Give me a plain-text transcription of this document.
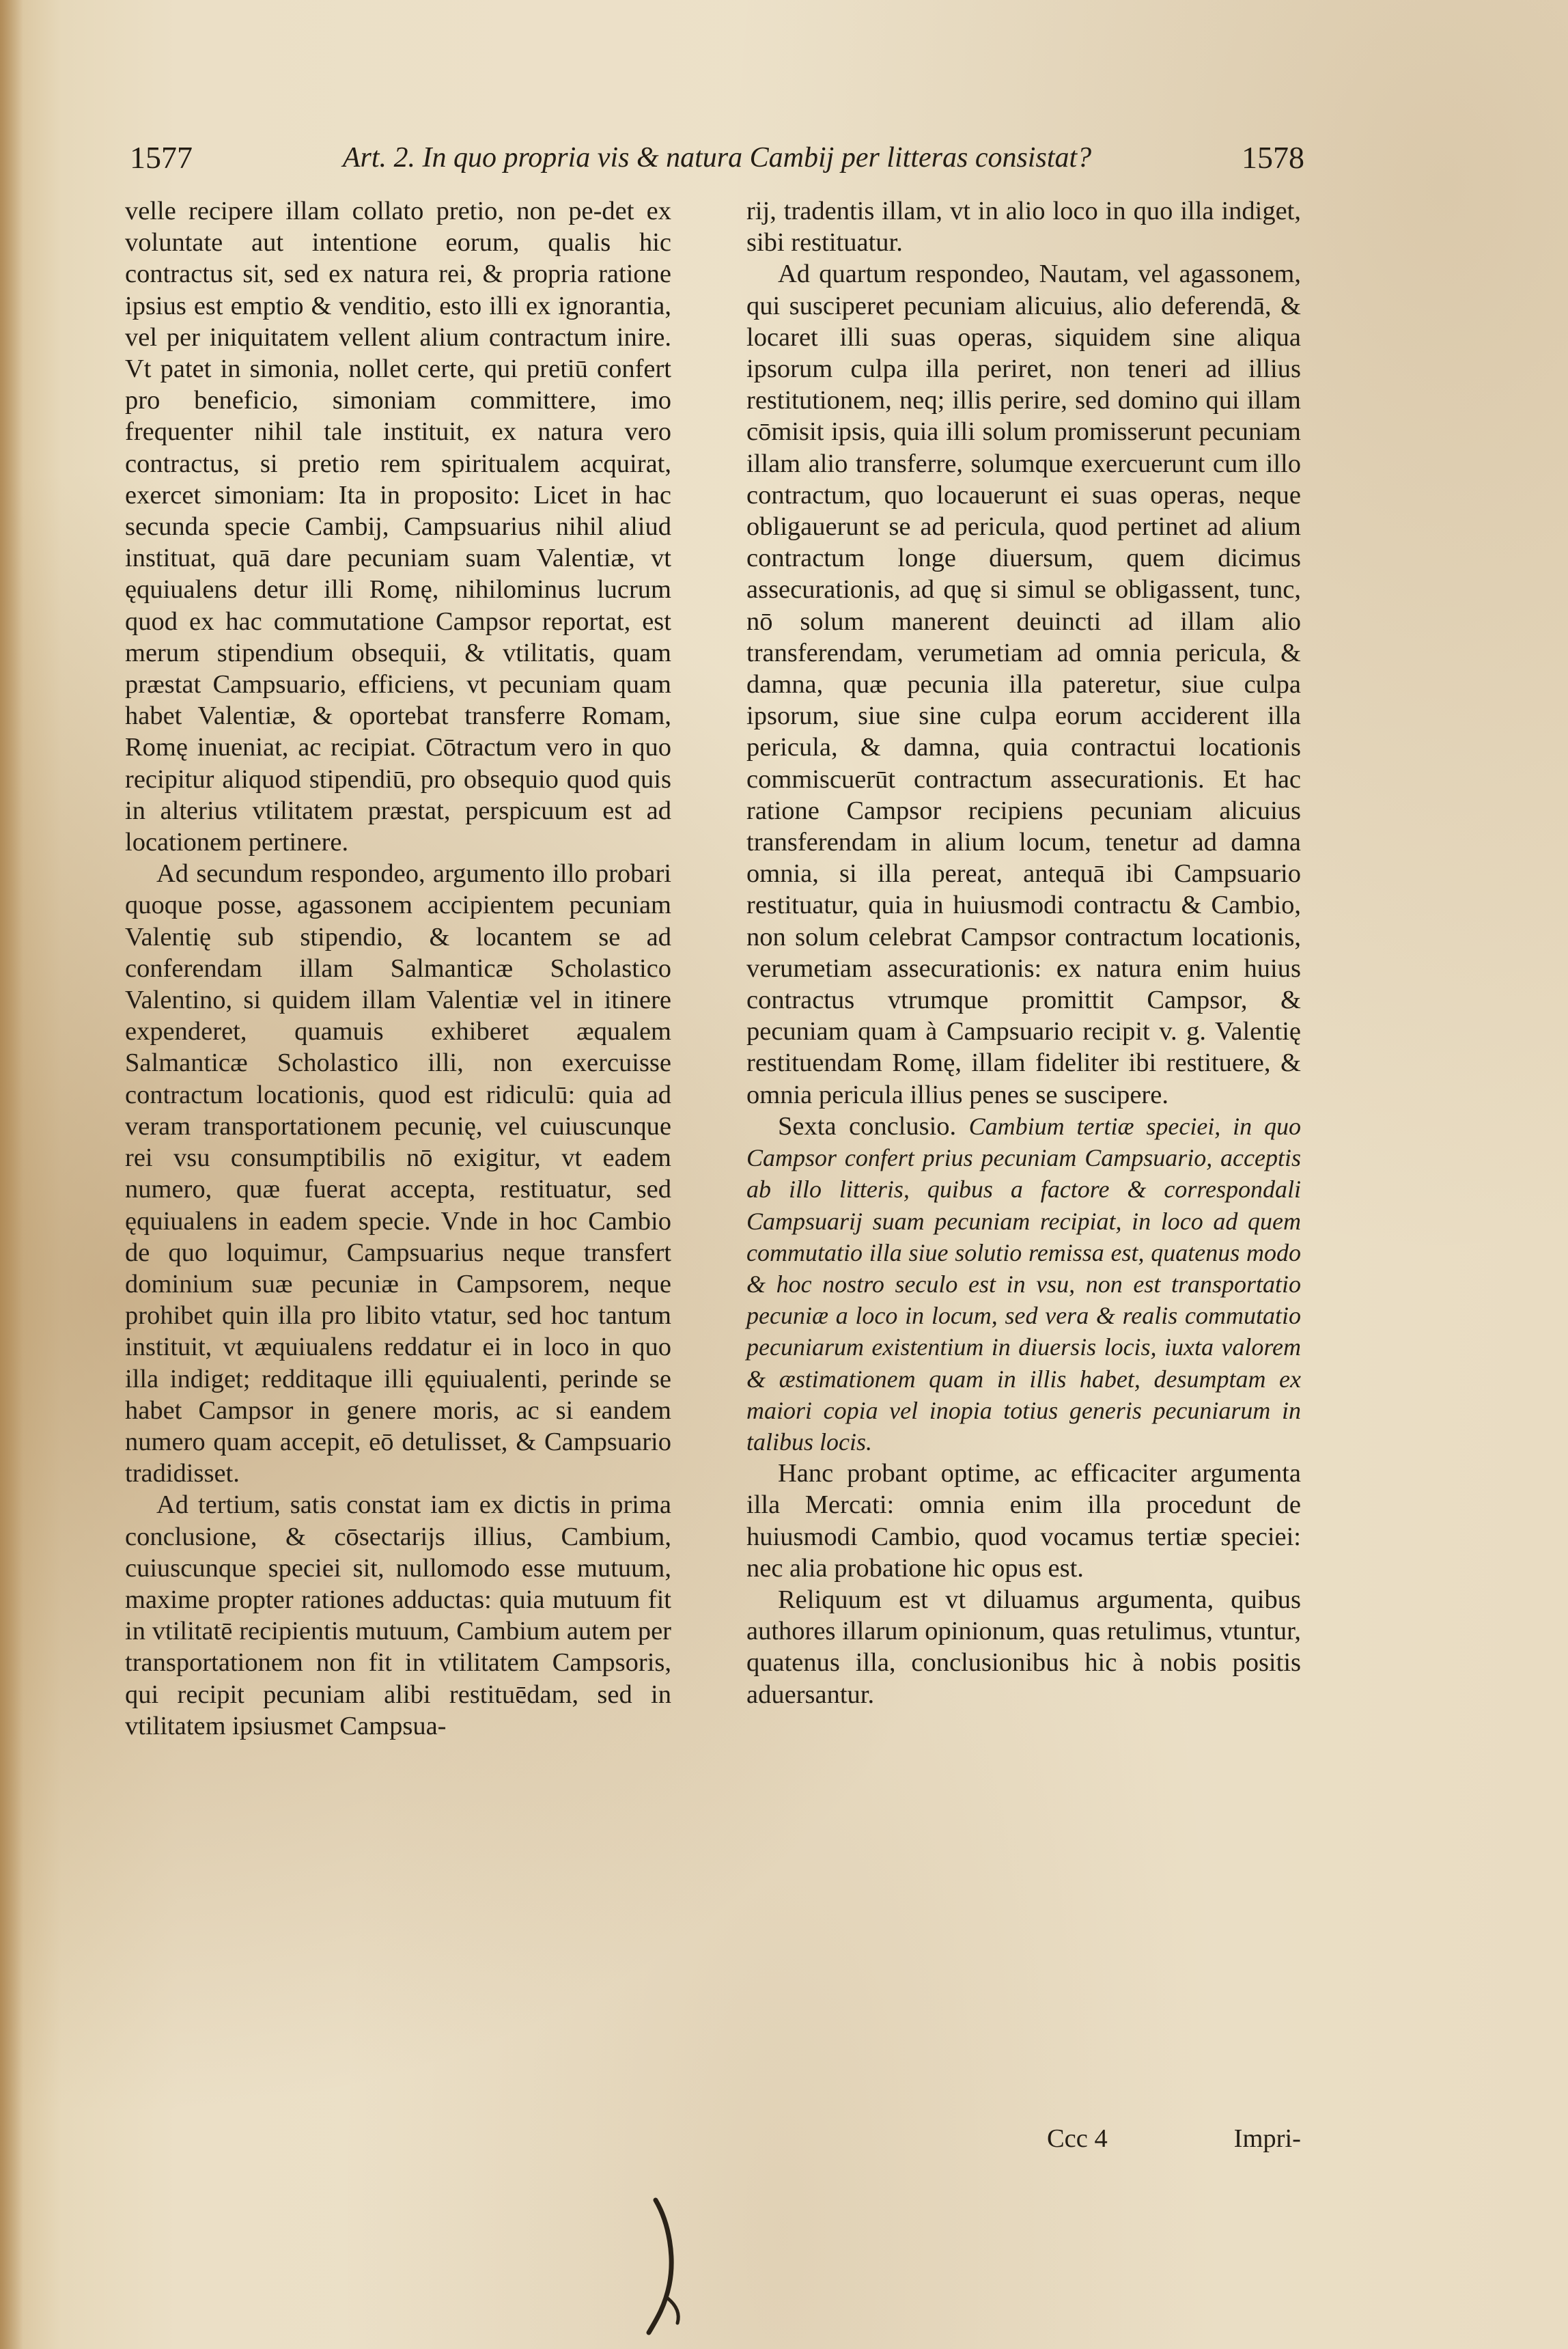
1577	Art. 2. In quo propria vis & natura Cambij per litteras consistat?	1578

velle recipere illam collato pretio, non pe-det ex voluntate aut intentione eorum, qualis hic contractus sit, sed ex natura rei, & propria ratione ipsius est emptio & venditio, esto illi ex ignorantia, vel per iniquitatem vellent alium contractum inire. Vt patet in simonia, nollet certe, qui pretiū confert pro beneficio, simoniam committere, imo frequenter nihil tale instituit, ex natura vero contractus, si pretio rem spiritualem acquirat, exercet simoniam: Ita in proposito: Licet in hac secunda specie Cambij, Campsuarius nihil aliud instituat, quā dare pecuniam suam Valentiæ, vt ęquiualens detur illi Romę, nihilominus lucrum quod ex hac commutatione Campsor reportat, est merum stipendium obsequii, & vtilitatis, quam præstat Campsuario, efficiens, vt pecuniam quam habet Valentiæ, & oportebat transferre Romam, Romę inueniat, ac recipiat. Cōtractum vero in quo recipitur aliquod stipendiū, pro obsequio quod quis in alterius vtilitatem præstat, perspicuum est ad locationem pertinere.

Ad secundum respondeo, argumento illo probari quoque posse, agassonem accipientem pecuniam Valentię sub stipendio, & locantem se ad conferendam illam Salmanticæ Scholastico Valentino, si quidem illam Valentiæ vel in itinere expenderet, quamuis exhiberet æqualem Salmanticæ Scholastico illi, non exercuisse contractum locationis, quod est ridiculū: quia ad veram transportationem pecunię, vel cuiuscunque rei vsu consumptibilis nō exigitur, vt eadem numero, quæ fuerat accepta, restituatur, sed ęquiualens in eadem specie. Vnde in hoc Cambio de quo loquimur, Campsuarius neque transfert dominium suæ pecuniæ in Campsorem, neque prohibet quin illa pro libito vtatur, sed hoc tantum instituit, vt æquiualens reddatur ei in loco in quo illa indiget; redditaque illi ęquiualenti, perinde se habet Campsor in genere moris, ac si eandem numero quam accepit, eō detulisset, & Campsuario tradidisset.

Ad tertium, satis constat iam ex dictis in prima conclusione, & cōsectarijs illius, Cambium, cuiuscunque speciei sit, nullomodo esse mutuum, maxime propter rationes adductas: quia mutuum fit in vtilitatē recipientis mutuum, Cambium autem per transportationem non fit in vtilitatem Campsoris, qui recipit pecuniam alibi restituēdam, sed in vtilitatem ipsiusmet Campsua-

rij, tradentis illam, vt in alio loco in quo illa indiget, sibi restituatur.

Ad quartum respondeo, Nautam, vel agassonem, qui susciperet pecuniam alicuius, alio deferendā, & locaret illi suas operas, siquidem sine aliqua ipsorum culpa illa periret, non teneri ad illius restitutionem, neq; illis perire, sed domino qui illam cōmisit ipsis, quia illi solum promisserunt pecuniam illam alio transferre, solumque exercuerunt cum illo contractum, quo locauerunt ei suas operas, neque obligauerunt se ad pericula, quod pertinet ad alium contractum longe diuersum, quem dicimus assecurationis, ad quę si simul se obligassent, tunc, nō solum manerent deuincti ad illam alio transferendam, verumetiam ad omnia pericula, & damna, quæ pecunia illa pateretur, siue culpa ipsorum, siue sine culpa eorum acciderent illa pericula, & damna, quia contractui locationis commiscuerūt contractum assecurationis. Et hac ratione Campsor recipiens pecuniam alicuius transferendam in alium locum, tenetur ad damna omnia, si illa pereat, antequā ibi Campsuario restituatur, quia in huiusmodi contractu & Cambio, non solum celebrat Campsor contractum locationis, verumetiam assecurationis: ex natura enim huius contractus vtrumque promittit Campsor, & pecuniam quam à Campsuario recipit v. g. Valentię restituendam Romę, illam fideliter ibi restituere, & omnia pericula illius penes se suscipere.

Sexta conclusio. Cambium tertiæ speciei, in quo Campsor confert prius pecuniam Campsuario, acceptis ab illo litteris, quibus a factore & correspondali Campsuarij suam pecuniam recipiat, in loco ad quem commutatio illa siue solutio remissa est, quatenus modo & hoc nostro seculo est in vsu, non est transportatio pecuniæ a loco in locum, sed vera & realis commutatio pecuniarum existentium in diuersis locis, iuxta valorem & æstimationem quam in illis habet, desumptam ex maiori copia vel inopia totius generis pecuniarum in talibus locis.

Hanc probant optime, ac efficaciter argumenta illa Mercati: omnia enim illa procedunt de huiusmodi Cambio, quod vocamus tertiæ speciei: nec alia probatione hic opus est.

Reliquum est vt diluamus argumenta, quibus authores illarum opinionum, quas retulimus, vtuntur, quatenus illa, conclusionibus hic à nobis positis aduersantur.

Ccc 4	Impri-
